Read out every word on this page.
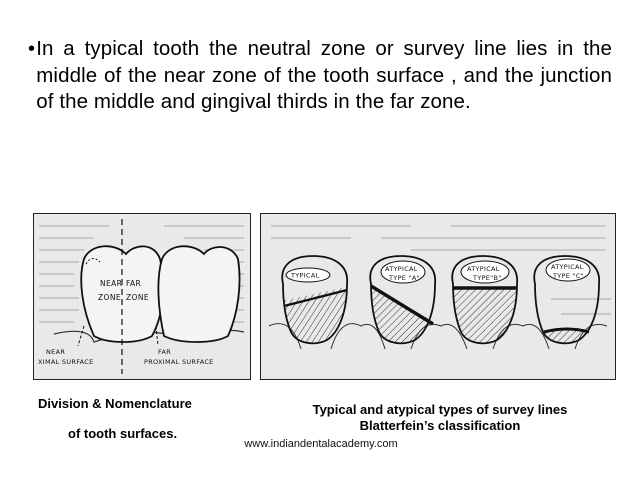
• In a typical tooth the neutral zone or survey line lies in the middle of the near zone of the tooth surface , and the junction of the middle and gingival thirds in the far zone.
NEAR
ZONE
FAR
ZONE
NEAR
XIMAL SURFACE
FAR
PROXIMAL SURFACE
TYPICAL
ATYPICAL
TYPE "A"
ATYPICAL
TYPE"B"
ATYPICAL
TYPE "C"
Division & Nomenclature
of tooth surfaces.
Typical and atypical types of survey lines
Blatterfein’s classification
www.indiandentalacademy.com
